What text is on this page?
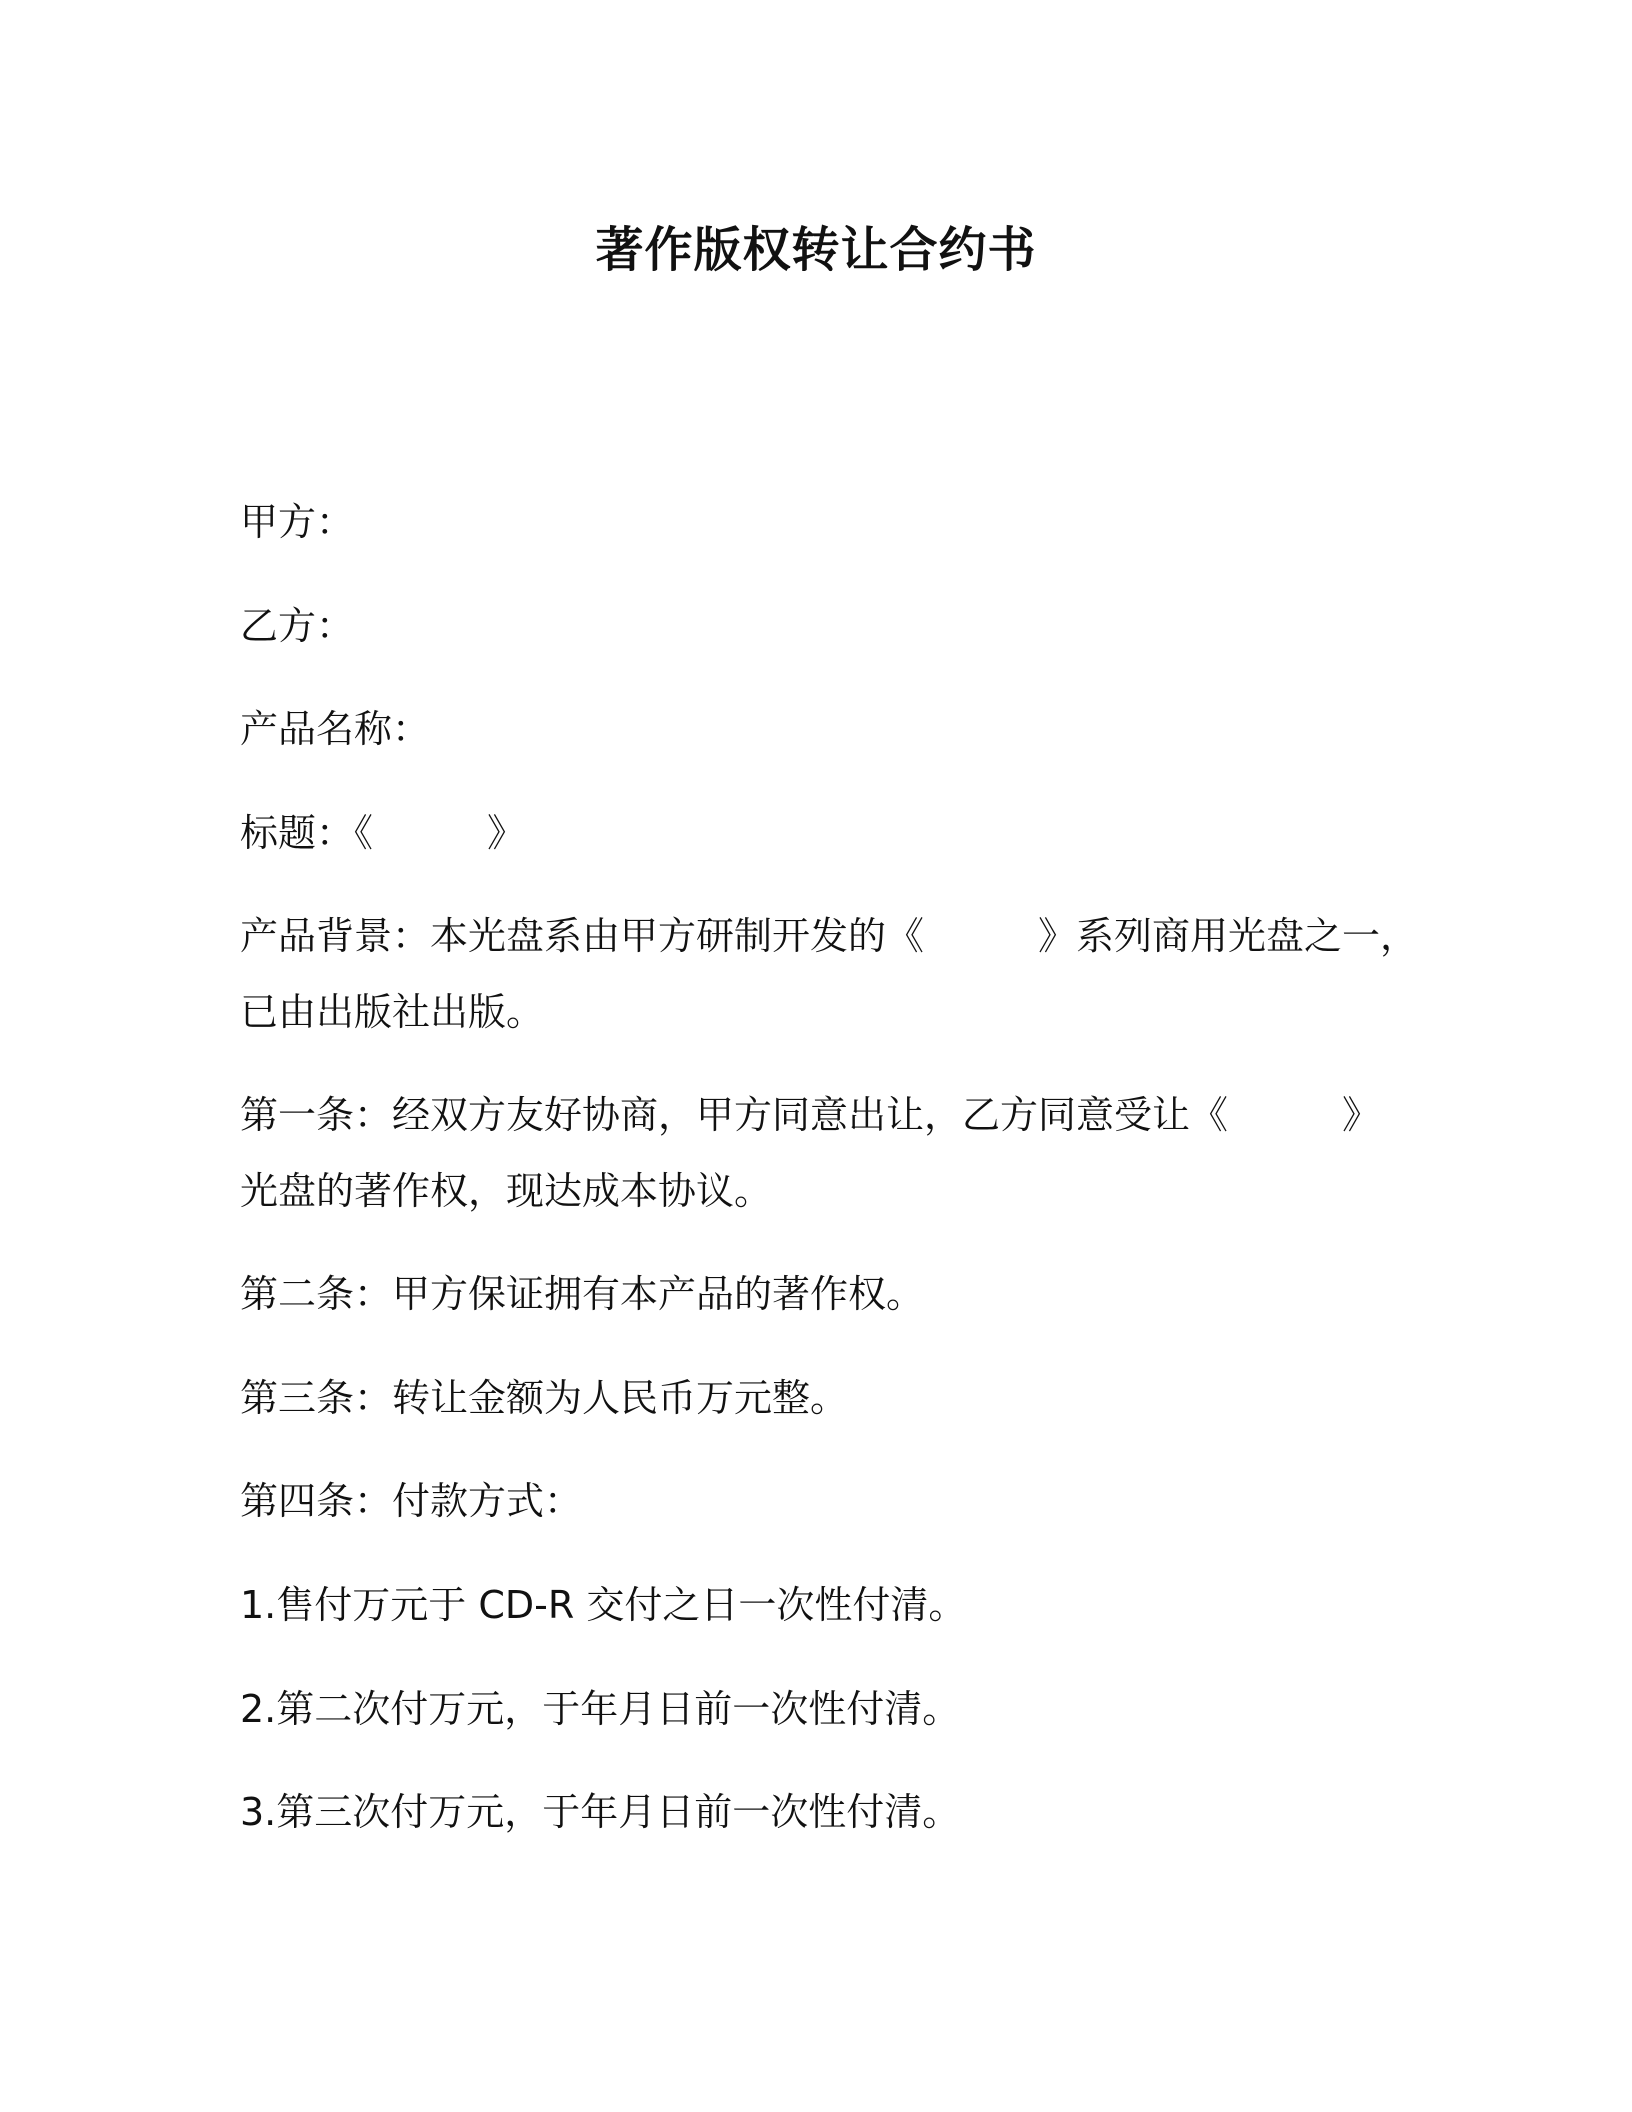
著作版权转让合约书
甲方：
乙方：
产品名称：
标题：《　　　》
产品背景：本光盘系由甲方研制开发的《　　　》系列商用光盘之一，
已由出版社出版。
第一条：经双方友好协商，甲方同意出让，乙方同意受让《　　　》
光盘的著作权，现达成本协议。
第二条：甲方保证拥有本产品的著作权。
第三条：转让金额为人民币万元整。
第四条：付款方式：
1.售付万元于 CD-R 交付之日一次性付清。
2.第二次付万元，于年月日前一次性付清。
3.第三次付万元，于年月日前一次性付清。
